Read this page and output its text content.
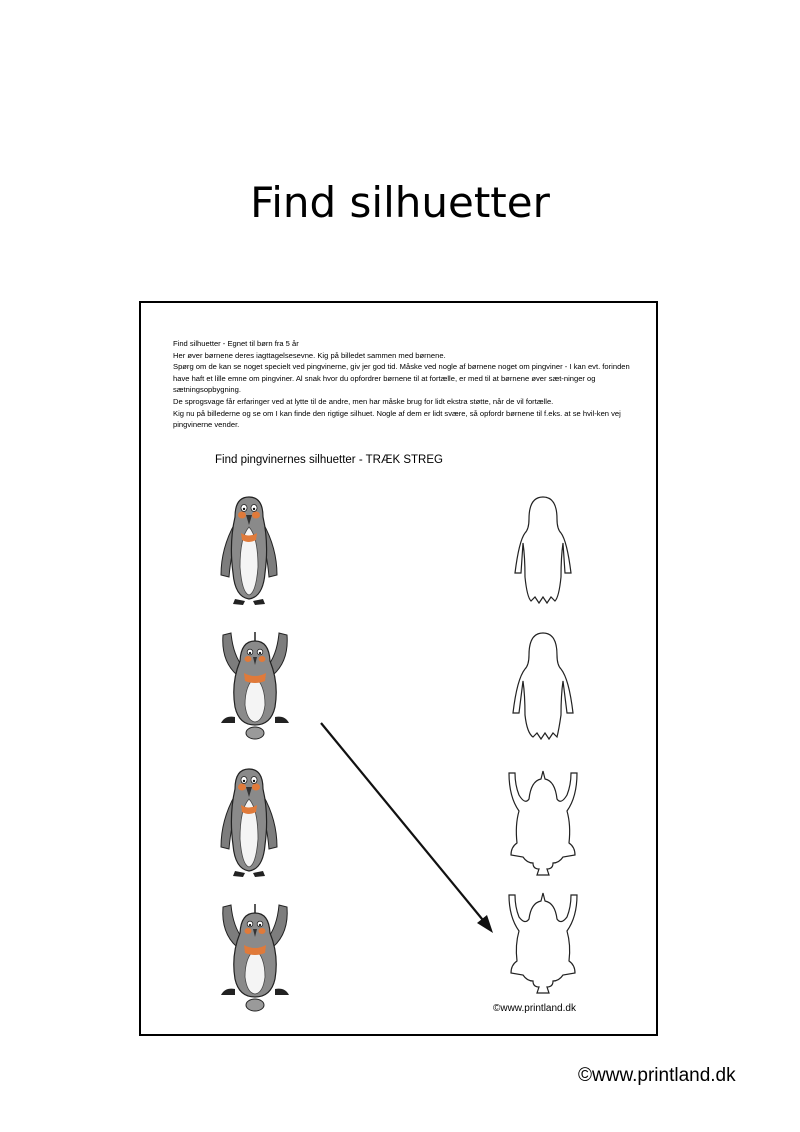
Find silhuetter

Find silhuetter - Egnet til børn fra 5 år

Her øver børnene deres iagttagelsesevne. Kig på billedet sammen med børnene.

Spørg om de kan se noget specielt ved pingvinerne, giv jer god tid. Måske ved nogle af børnene noget om pingviner - I kan evt. forinden have haft et lille emne om pingviner. Al snak hvor du opfordrer børnene til at fortælle, er med til at børnene øver sæt-ninger og sætningsopbygning.

De sprogsvage får erfaringer ved at lytte til de andre, men har måske brug for lidt ekstra støtte, når de vil fortælle.

Kig nu på billederne og se om I kan finde den rigtige silhuet. Nogle af dem er lidt svære, så opfordr børnene til f.eks. at se hvil-ken vej pingvinerne vender.

Find pingvinernes silhuetter - TRÆK STREG
©www.printland.dk
©www.printland.dk
